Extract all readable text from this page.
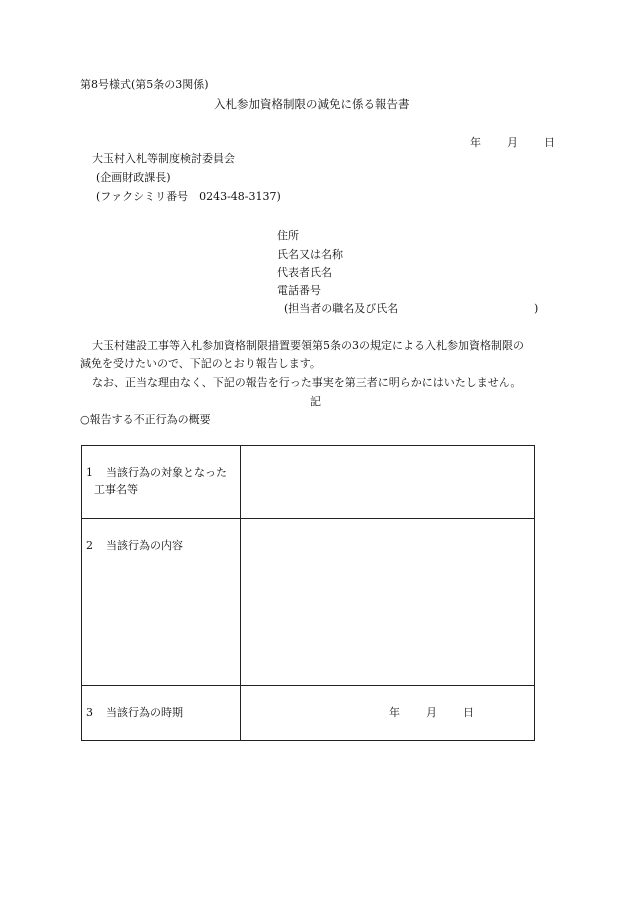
第8号様式(第5条の3関係)
入札参加資格制限の減免に係る報告書
年 月 日
大玉村入札等制度検討委員会
(企画財政課長)
(ファクシミリ番号　0243-48-3137)
住所
氏名又は名称
代表者氏名
電話番号
(担当者の職名及び氏名	)
大玉村建設工事等入札参加資格制限措置要領第5条の3の規定による入札参加資格制限の
減免を受けたいので、下記のとおり報告します。
なお、正当な理由なく、下記の報告を行った事実を第三者に明らかにはいたしません。
記
○報告する不正行為の概要
1 当該行為の対象となった
工事名等	

2 当該行為の内容	

3 当該行為の時期	年 月 日
